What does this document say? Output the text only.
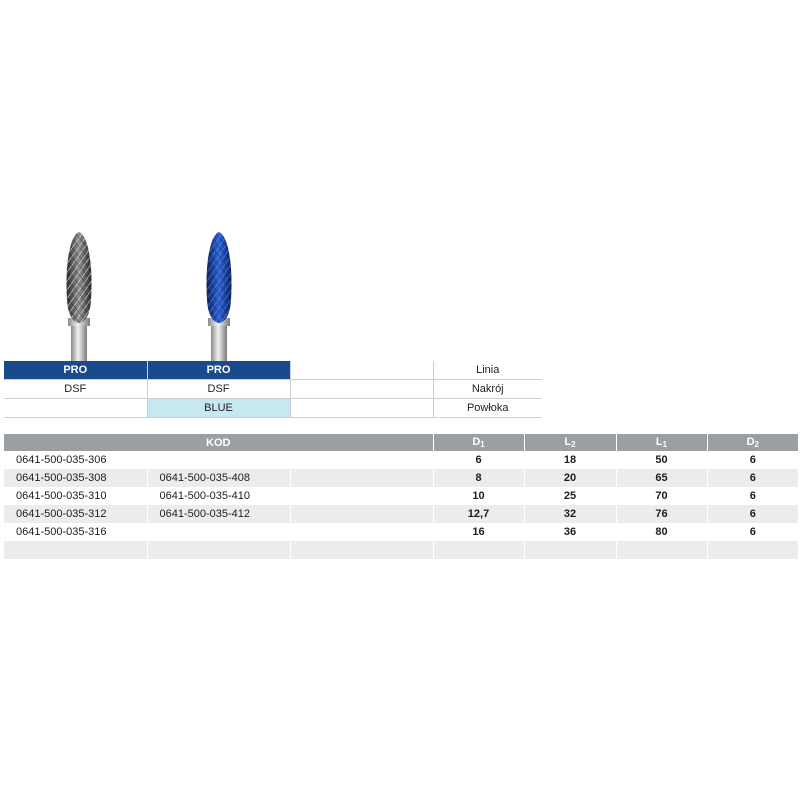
PRO	PRO		Linia
DSF	DSF		Nakrój
	BLUE		Powłoka
KOD			$D_1$	$L_2$	$L_1$	$D_2$
0641-500-035-306			6	18	50	6
0641-500-035-308	0641-500-035-408		8	20	65	6
0641-500-035-310	0641-500-035-410		10	25	70	6
0641-500-035-312	0641-500-035-412		12,7	32	76	6
0641-500-035-316			16	36	80	6
